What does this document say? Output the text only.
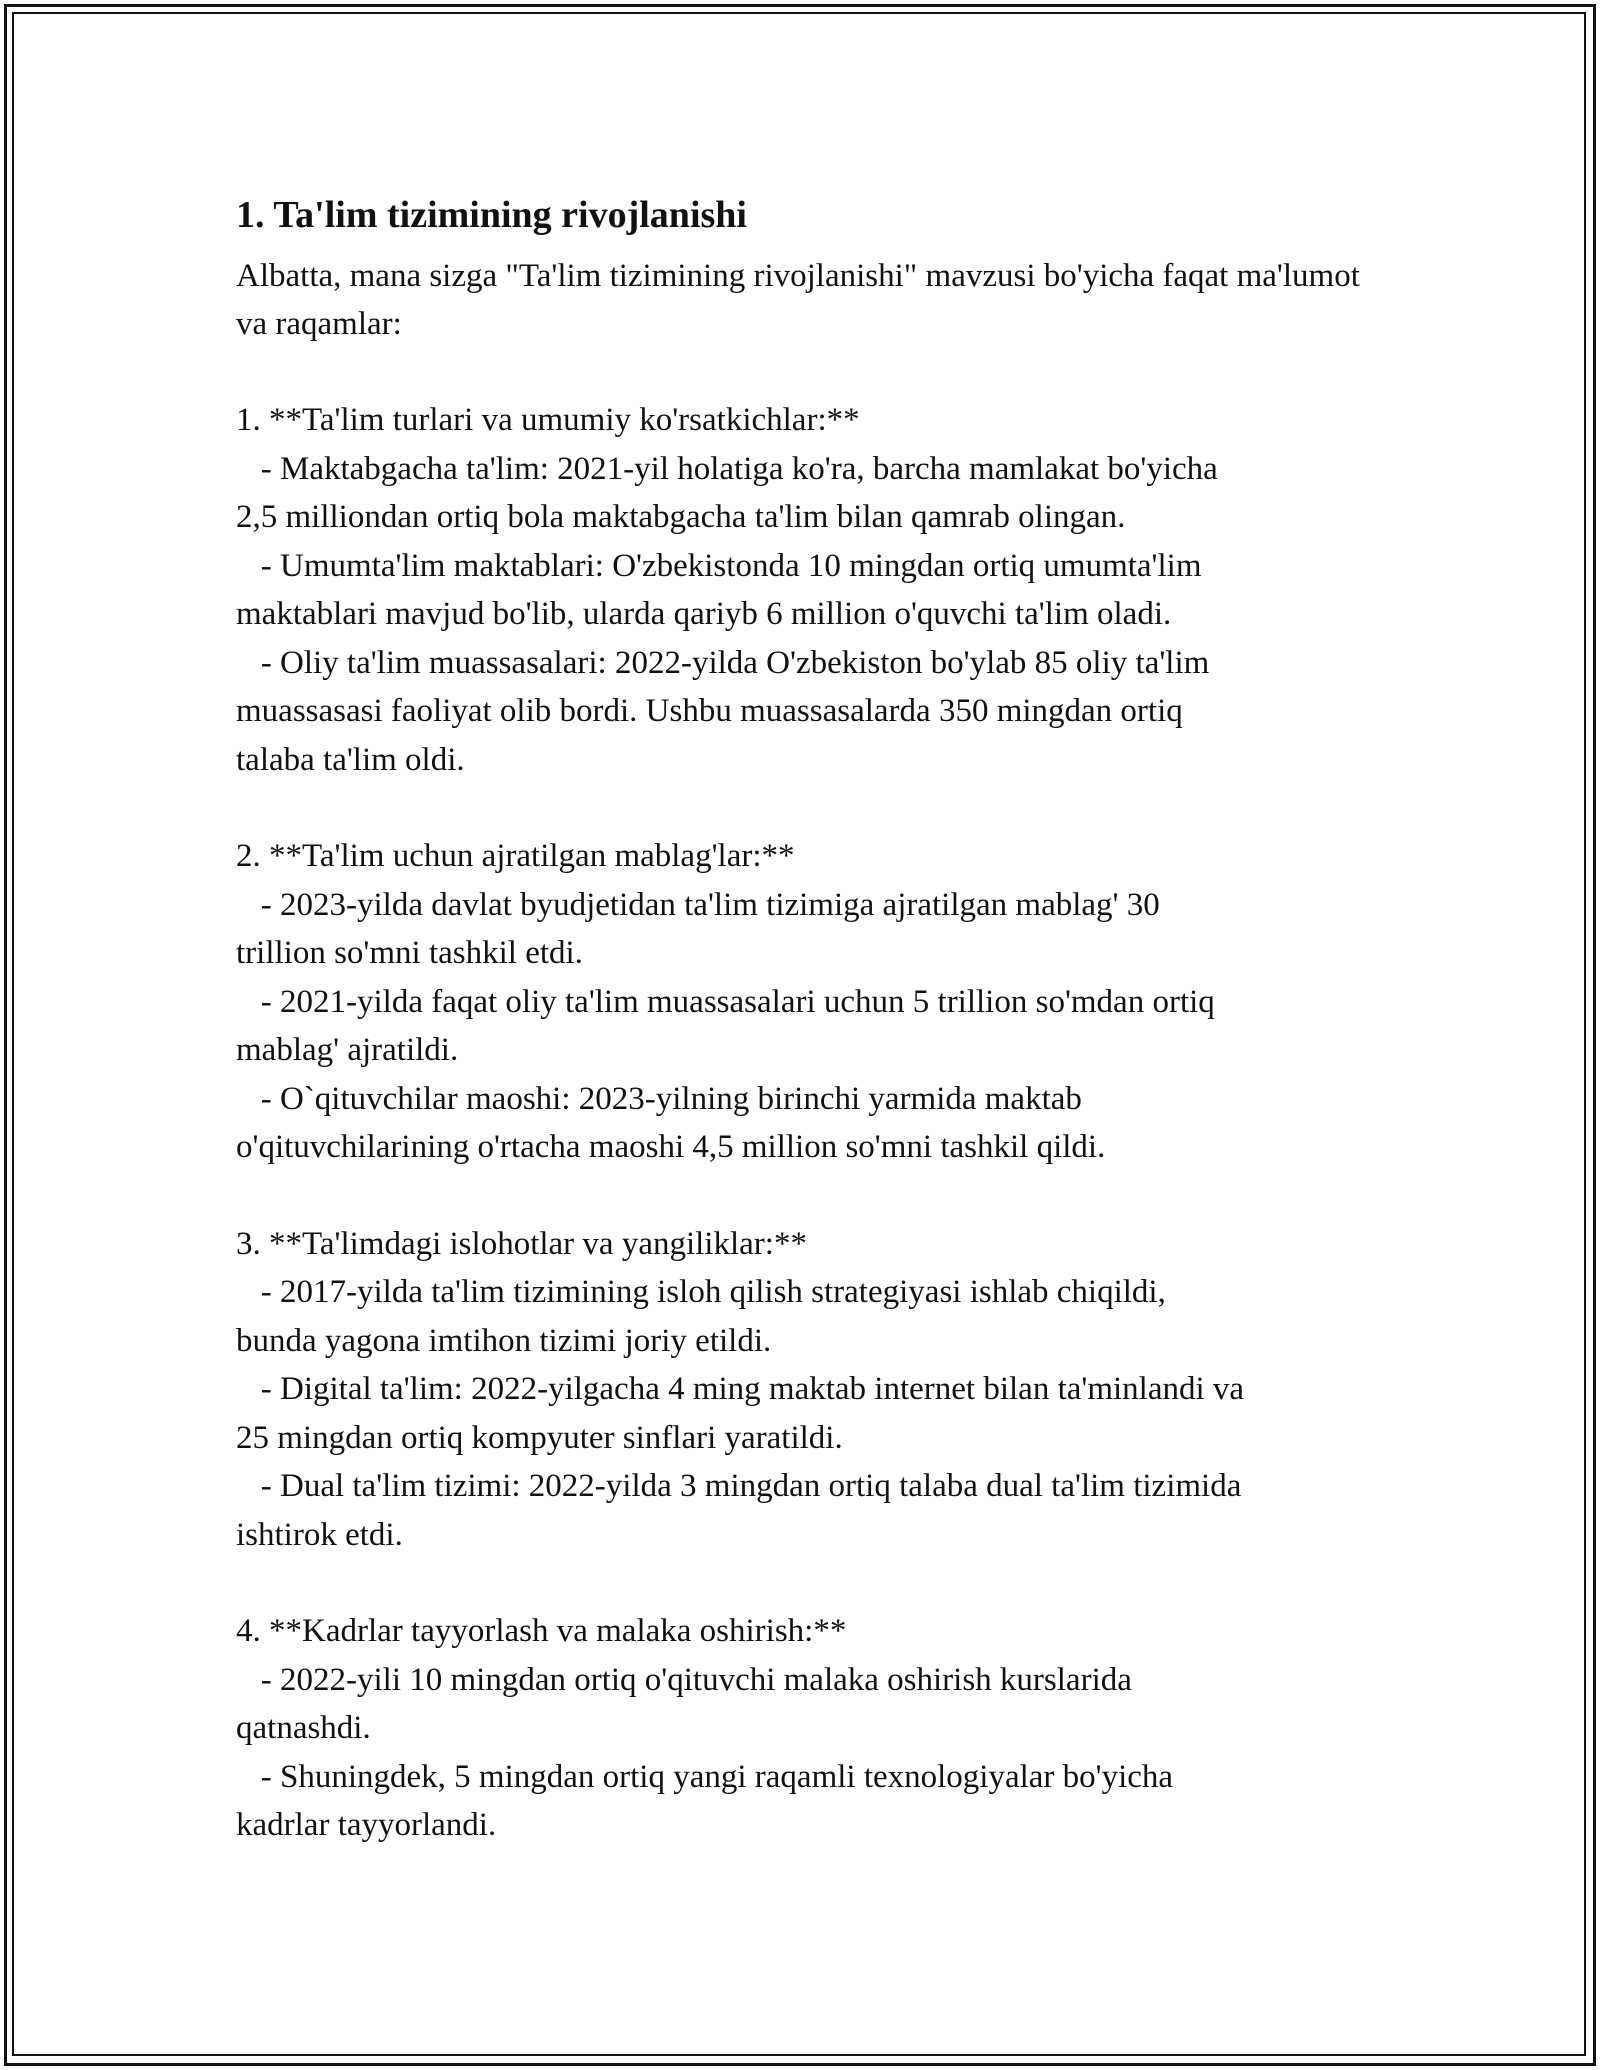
1. Ta'lim tizimining rivojlanishi

Albatta, mana sizga "Ta'lim tizimining rivojlanishi" mavzusi bo'yicha faqat ma'lumot va raqamlar:

1. **Ta'lim turlari va umumiy ko'rsatkichlar:**
- Maktabgacha ta'lim: 2021-yil holatiga ko'ra, barcha mamlakat bo'yicha
2,5 milliondan ortiq bola maktabgacha ta'lim bilan qamrab olingan.
- Umumta'lim maktablari: O'zbekistonda 10 mingdan ortiq umumta'lim
maktablari mavjud bo'lib, ularda qariyb 6 million o'quvchi ta'lim oladi.
- Oliy ta'lim muassasalari: 2022-yilda O'zbekiston bo'ylab 85 oliy ta'lim
muassasasi faoliyat olib bordi. Ushbu muassasalarda 350 mingdan ortiq
talaba ta'lim oldi.
2. **Ta'lim uchun ajratilgan mablag'lar:**
- 2023-yilda davlat byudjetidan ta'lim tizimiga ajratilgan mablag' 30
trillion so'mni tashkil etdi.
- 2021-yilda faqat oliy ta'lim muassasalari uchun 5 trillion so'mdan ortiq
mablag' ajratildi.
- O`qituvchilar maoshi: 2023-yilning birinchi yarmida maktab
o'qituvchilarining o'rtacha maoshi 4,5 million so'mni tashkil qildi.
3. **Ta'limdagi islohotlar va yangiliklar:**
- 2017-yilda ta'lim tizimining isloh qilish strategiyasi ishlab chiqildi,
bunda yagona imtihon tizimi joriy etildi.
- Digital ta'lim: 2022-yilgacha 4 ming maktab internet bilan ta'minlandi va
25 mingdan ortiq kompyuter sinflari yaratildi.
- Dual ta'lim tizimi: 2022-yilda 3 mingdan ortiq talaba dual ta'lim tizimida
ishtirok etdi.
4. **Kadrlar tayyorlash va malaka oshirish:**
- 2022-yili 10 mingdan ortiq o'qituvchi malaka oshirish kurslarida
qatnashdi.
- Shuningdek, 5 mingdan ortiq yangi raqamli texnologiyalar bo'yicha
kadrlar tayyorlandi.
